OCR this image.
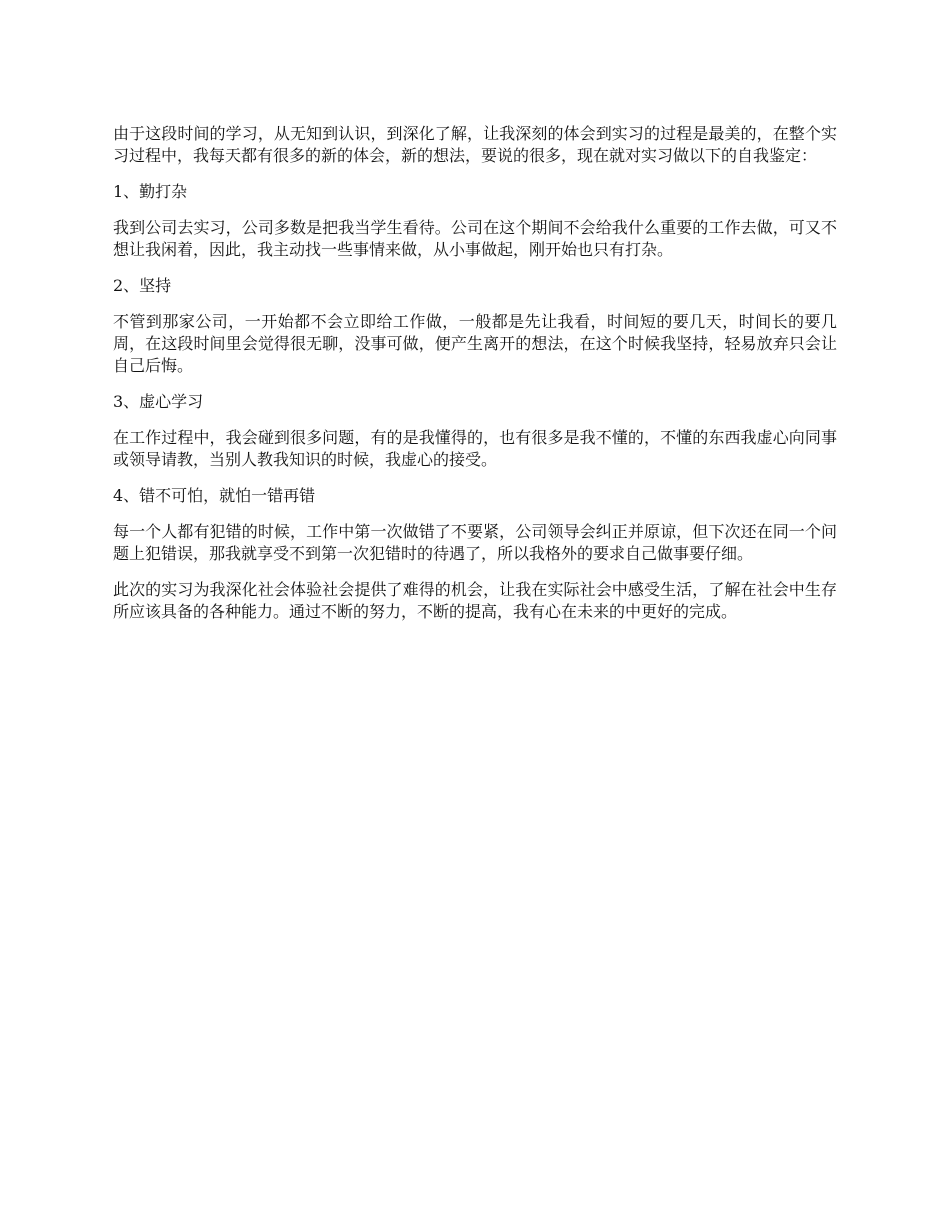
由于这段时间的学习，从无知到认识，到深化了解，让我深刻的体会到实习的过程是最美的，在整个实习过程中，我每天都有很多的新的体会，新的想法，要说的很多，现在就对实习做以下的自我鉴定：

1、勤打杂

我到公司去实习，公司多数是把我当学生看待。公司在这个期间不会给我什么重要的工作去做，可又不想让我闲着，因此，我主动找一些事情来做，从小事做起，刚开始也只有打杂。

2、坚持

不管到那家公司，一开始都不会立即给工作做，一般都是先让我看，时间短的要几天，时间长的要几周，在这段时间里会觉得很无聊，没事可做，便产生离开的想法，在这个时候我坚持，轻易放弃只会让自己后悔。

3、虚心学习

在工作过程中，我会碰到很多问题，有的是我懂得的，也有很多是我不懂的，不懂的东西我虚心向同事或领导请教，当别人教我知识的时候，我虚心的接受。

4、错不可怕，就怕一错再错

每一个人都有犯错的时候，工作中第一次做错了不要紧，公司领导会纠正并原谅，但下次还在同一个问题上犯错误，那我就享受不到第一次犯错时的待遇了，所以我格外的要求自己做事要仔细。

此次的实习为我深化社会体验社会提供了难得的机会，让我在实际社会中感受生活，了解在社会中生存所应该具备的各种能力。通过不断的努力，不断的提高，我有心在未来的中更好的完成。
